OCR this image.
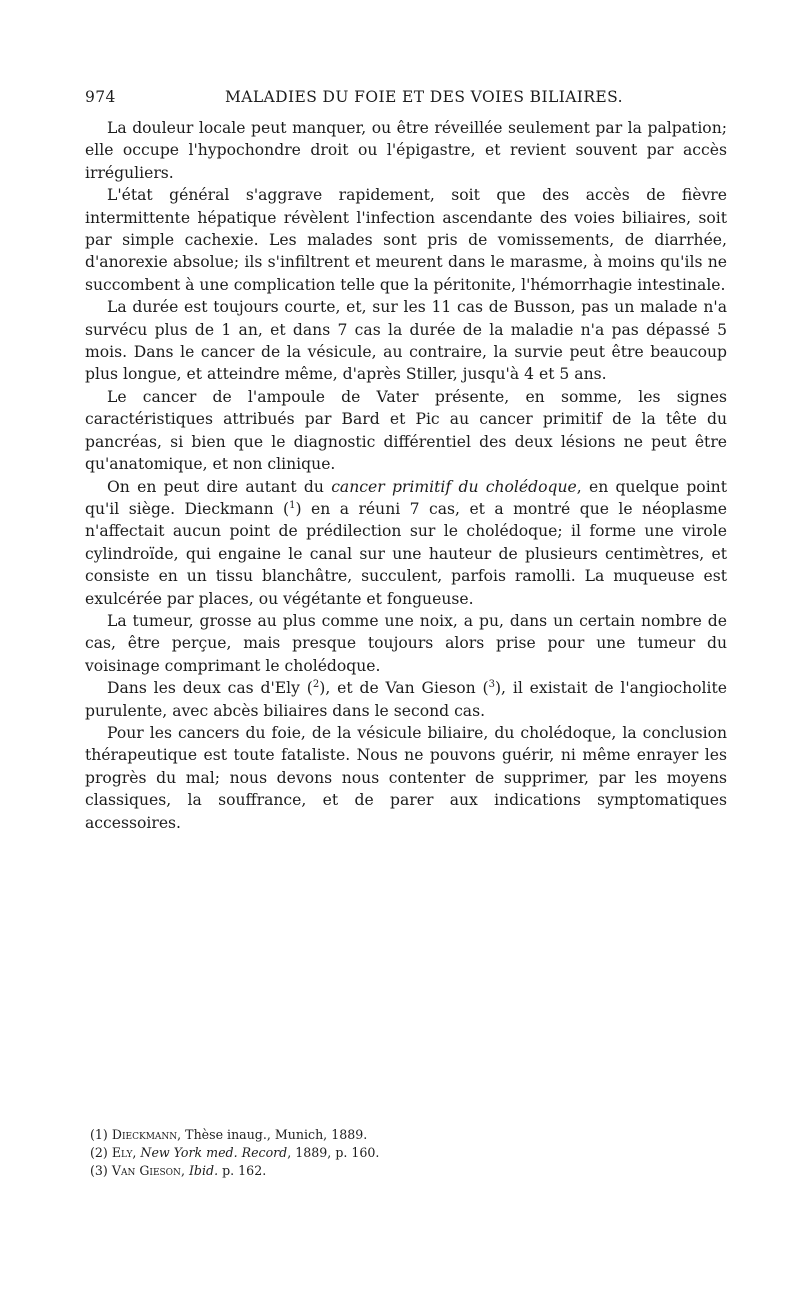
974	MALADIES DU FOIE ET DES VOIES BILIAIRES.

La douleur locale peut manquer, ou être réveillée seulement par la palpation; elle occupe l'hypochondre droit ou l'épigastre, et revient souvent par accès irréguliers.

L'état général s'aggrave rapidement, soit que des accès de fièvre intermittente hépatique révèlent l'infection ascendante des voies biliaires, soit par simple cachexie. Les malades sont pris de vomissements, de diarrhée, d'anorexie absolue; ils s'infiltrent et meurent dans le marasme, à moins qu'ils ne succombent à une complication telle que la péritonite, l'hémorrhagie intestinale.

La durée est toujours courte, et, sur les 11 cas de Busson, pas un malade n'a survécu plus de 1 an, et dans 7 cas la durée de la maladie n'a pas dépassé 5 mois. Dans le cancer de la vésicule, au contraire, la survie peut être beaucoup plus longue, et atteindre même, d'après Stiller, jusqu'à 4 et 5 ans.

Le cancer de l'ampoule de Vater présente, en somme, les signes caractéristiques attribués par Bard et Pic au cancer primitif de la tête du pancréas, si bien que le diagnostic différentiel des deux lésions ne peut être qu'anatomique, et non clinique.

On en peut dire autant du cancer primitif du cholédoque, en quelque point qu'il siège. Dieckmann ($^1$) en a réuni 7 cas, et a montré que le néoplasme n'affectait aucun point de prédilection sur le cholédoque; il forme une virole cylindroïde, qui engaine le canal sur une hauteur de plusieurs centimètres, et consiste en un tissu blanchâtre, succulent, parfois ramolli. La muqueuse est exulcérée par places, ou végétante et fongueuse.

La tumeur, grosse au plus comme une noix, a pu, dans un certain nombre de cas, être perçue, mais presque toujours alors prise pour une tumeur du voisinage comprimant le cholédoque.

Dans les deux cas d'Ely ($^2$), et de Van Gieson ($^3$), il existait de l'angiocholite purulente, avec abcès biliaires dans le second cas.

Pour les cancers du foie, de la vésicule biliaire, du cholédoque, la conclusion thérapeutique est toute fataliste. Nous ne pouvons guérir, ni même enrayer les progrès du mal; nous devons nous contenter de supprimer, par les moyens classiques, la souffrance, et de parer aux indications symptomatiques accessoires.

(1) Dieckmann, Thèse inaug., Munich, 1889.
(2) Ely, New York med. Record, 1889, p. 160.
(3) Van Gieson, Ibid. p. 162.
